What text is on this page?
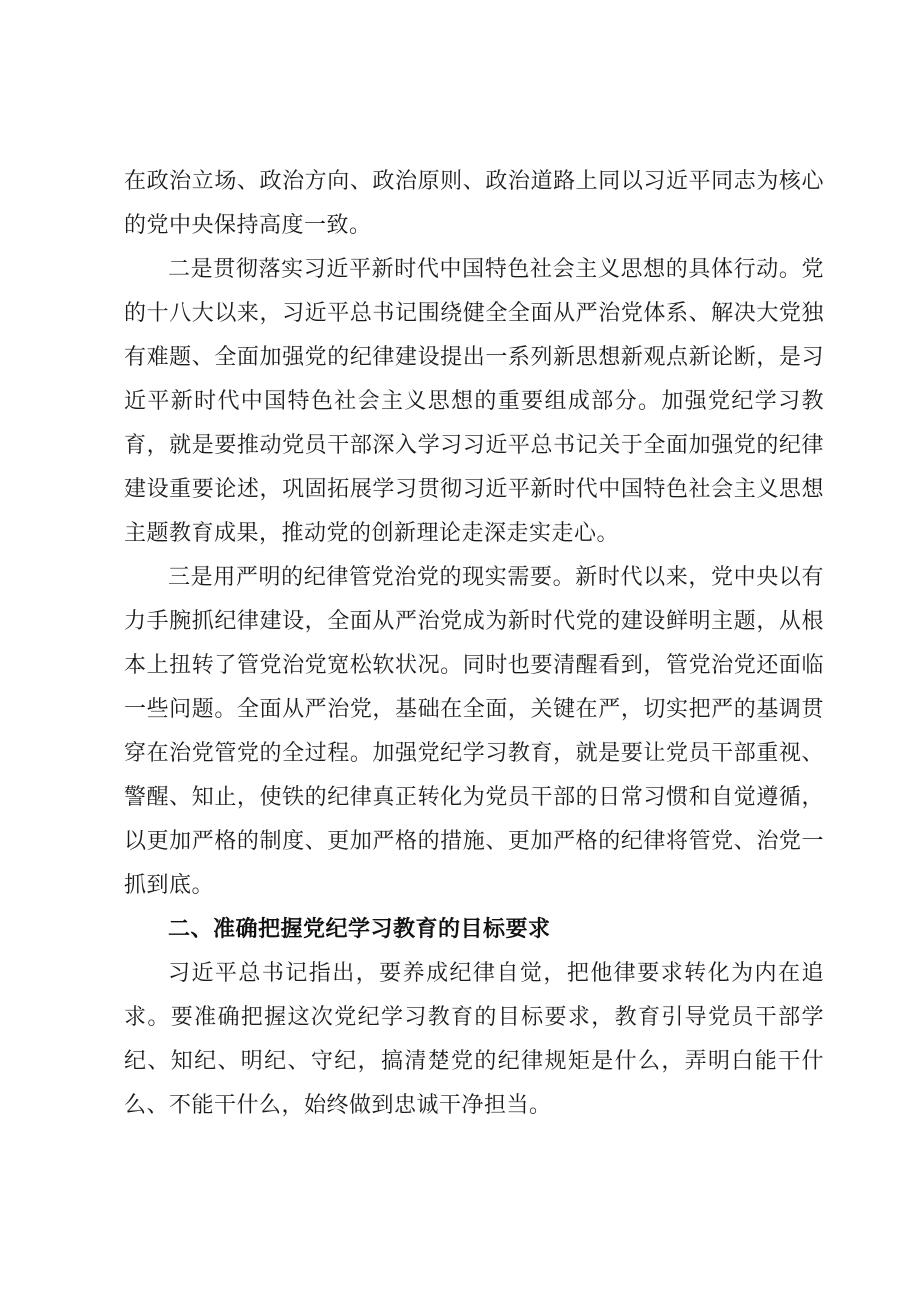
在政治立场、政治方向、政治原则、政治道路上同以习近平同志为核心的党中央保持高度一致。

二是贯彻落实习近平新时代中国特色社会主义思想的具体行动。党的十八大以来，习近平总书记围绕健全全面从严治党体系、解决大党独有难题、全面加强党的纪律建设提出一系列新思想新观点新论断，是习近平新时代中国特色社会主义思想的重要组成部分。加强党纪学习教育，就是要推动党员干部深入学习习近平总书记关于全面加强党的纪律建设重要论述，巩固拓展学习贯彻习近平新时代中国特色社会主义思想主题教育成果，推动党的创新理论走深走实走心。

三是用严明的纪律管党治党的现实需要。新时代以来，党中央以有力手腕抓纪律建设，全面从严治党成为新时代党的建设鲜明主题，从根本上扭转了管党治党宽松软状况。同时也要清醒看到，管党治党还面临一些问题。全面从严治党，基础在全面，关键在严，切实把严的基调贯穿在治党管党的全过程。加强党纪学习教育，就是要让党员干部重视、警醒、知止，使铁的纪律真正转化为党员干部的日常习惯和自觉遵循，以更加严格的制度、更加严格的措施、更加严格的纪律将管党、治党一抓到底。

二、准确把握党纪学习教育的目标要求

习近平总书记指出，要养成纪律自觉，把他律要求转化为内在追求。要准确把握这次党纪学习教育的目标要求，教育引导党员干部学纪、知纪、明纪、守纪，搞清楚党的纪律规矩是什么，弄明白能干什么、不能干什么，始终做到忠诚干净担当。
